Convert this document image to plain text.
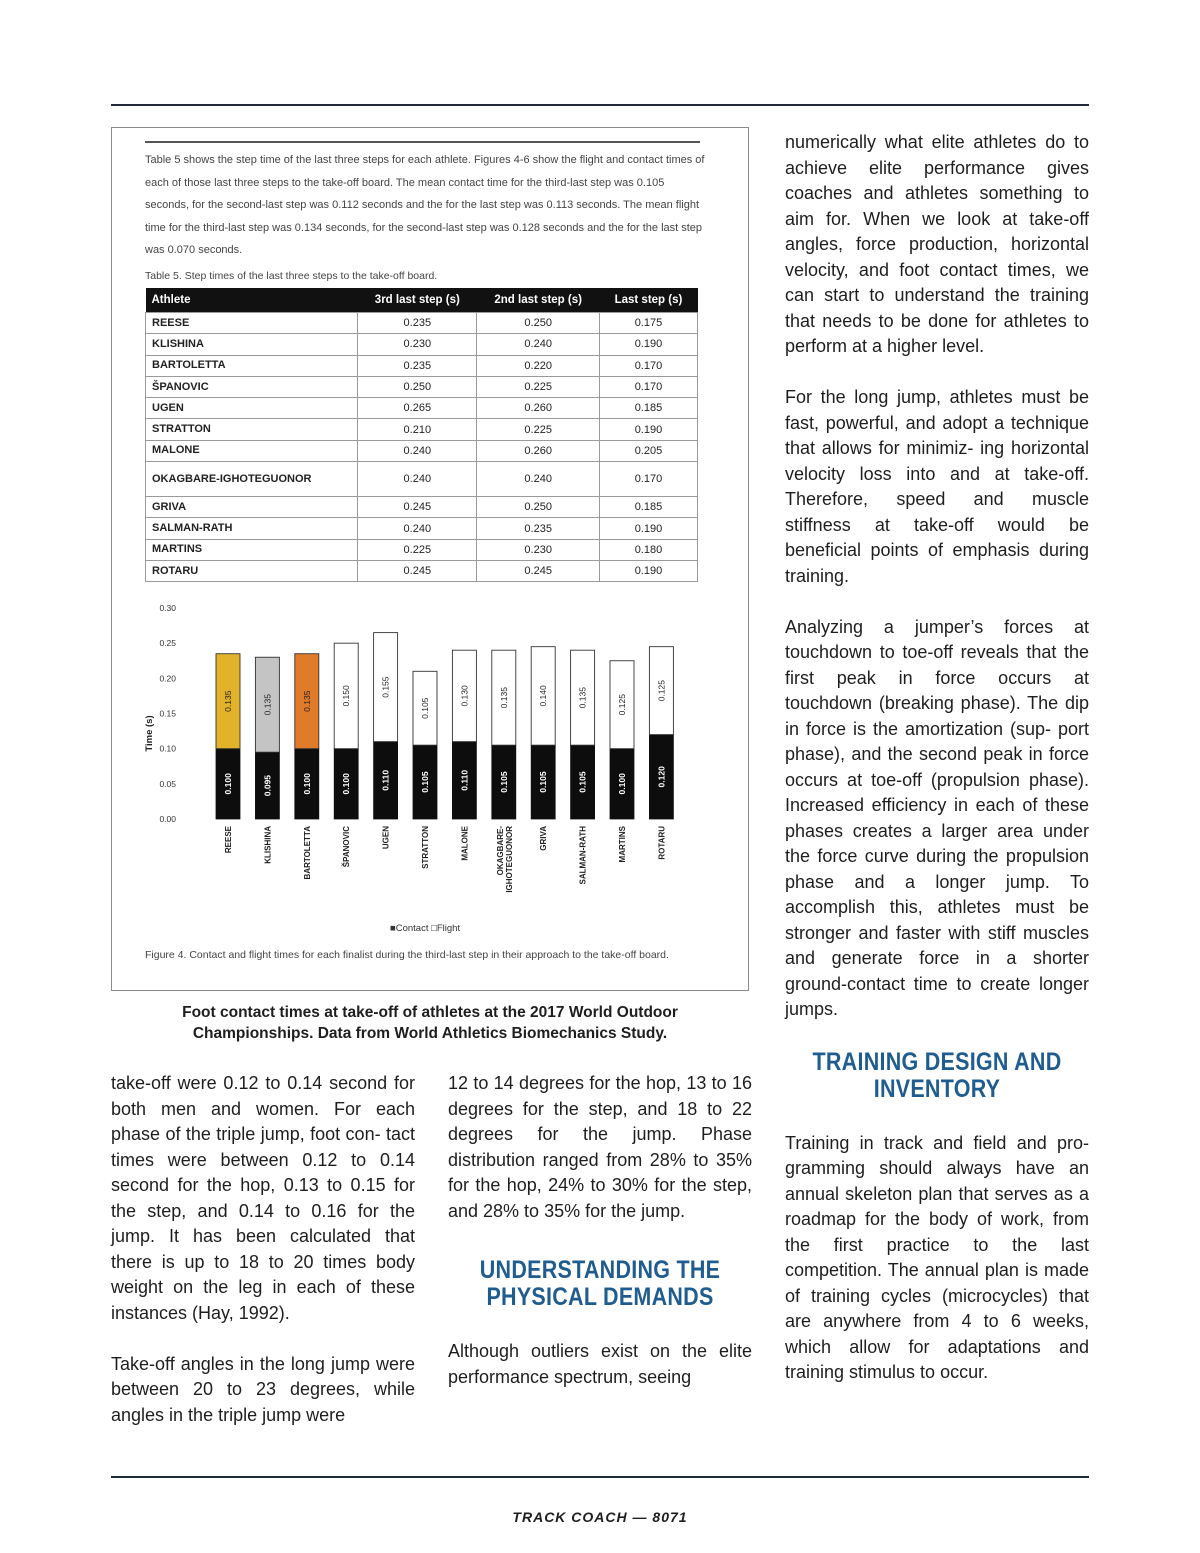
Table 5 shows the step time of the last three steps for each athlete. Figures 4-6 show the flight and contact times of each of those last three steps to the take-off board. The mean contact time for the third-last step was 0.105 seconds, for the second-last step was 0.112 seconds and the for the last step was 0.113 seconds. The mean flight time for the third-last step was 0.134 seconds, for the second-last step was 0.128 seconds and the for the last step was 0.070 seconds.

Table 5. Step times of the last three steps to the take-off board.

Athlete	3rd last step (s)	2nd last step (s)	Last step (s)
REESE	0.235	0.250	0.175
KLISHINA	0.230	0.240	0.190
BARTOLETTA	0.235	0.220	0.170
ŠPANOVIC	0.250	0.225	0.170
UGEN	0.265	0.260	0.185
STRATTON	0.210	0.225	0.190
MALONE	0.240	0.260	0.205
OKAGBARE-IGHOTEGUONOR	0.240	0.240	0.170
GRIVA	0.245	0.250	0.185
SALMAN-RATH	0.240	0.235	0.190
MARTINS	0.225	0.230	0.180
ROTARU	0.245	0.245	0.190
0.00
0.05
0.10
0.15
0.20
0.25
0.30
Time (s)
0.100
0.135
REESE
0.095
0.135
KLISHINA
0.100
0.135
BARTOLETTA
0.100
0.150
ŠPANOVIC
0.110
0.155
UGEN
0.105
0.105
STRATTON
0.110
0.130
MALONE
0.105
0.135
OKAGBARE- IGHOTEGUONOR
0.105
0.140
GRIVA
0.105
0.135
SALMAN-RATH
0.100
0.125
MARTINS
0.120
0.125
ROTARU
■Contact □Flight

Figure 4. Contact and flight times for each finalist during the third-last step in their approach to the take-off board.

Foot contact times at take-off of athletes at the 2017 World Outdoor
Championships. Data from World Athletics Biomechanics Study.

take-off were 0.12 to 0.14 second for both men and women. For each phase of the triple jump, foot con- tact times were between 0.12 to 0.14 second for the hop, 0.13 to 0.15 for the step, and 0.14 to 0.16 for the jump. It has been calculated that there is up to 18 to 20 times body weight on the leg in each of these instances (Hay, 1992).

Take-off angles in the long jump were between 20 to 23 degrees, while angles in the triple jump were

12 to 14 degrees for the hop, 13 to 16 degrees for the step, and 18 to 22 degrees for the jump. Phase distribution ranged from 28% to 35% for the hop, 24% to 30% for the step, and 28% to 35% for the jump.

UNDERSTANDING THE
PHYSICAL DEMANDS

Although outliers exist on the elite performance spectrum, seeing

numerically what elite athletes do to achieve elite performance gives coaches and athletes something to aim for. When we look at take-off angles, force production, horizontal velocity, and foot contact times, we can start to understand the training that needs to be done for athletes to perform at a higher level.

For the long jump, athletes must be fast, powerful, and adopt a technique that allows for minimiz- ing horizontal velocity loss into and at take-off. Therefore, speed and muscle stiffness at take-off would be beneficial points of emphasis during training.

Analyzing a jumper’s forces at touchdown to toe-off reveals that the first peak in force occurs at touchdown (breaking phase). The dip in force is the amortization (sup- port phase), and the second peak in force occurs at toe-off (propulsion phase). Increased efficiency in each of these phases creates a larger area under the force curve during the propulsion phase and a longer jump. To accomplish this, athletes must be stronger and faster with stiff muscles and generate force in a shorter ground-contact time to create longer jumps.

TRAINING DESIGN AND
INVENTORY

Training in track and field and pro- gramming should always have an annual skeleton plan that serves as a roadmap for the body of work, from the first practice to the last competition. The annual plan is made of training cycles (microcycles) that are anywhere from 4 to 6 weeks, which allow for adaptations and training stimulus to occur.

TRACK COACH — 8071
